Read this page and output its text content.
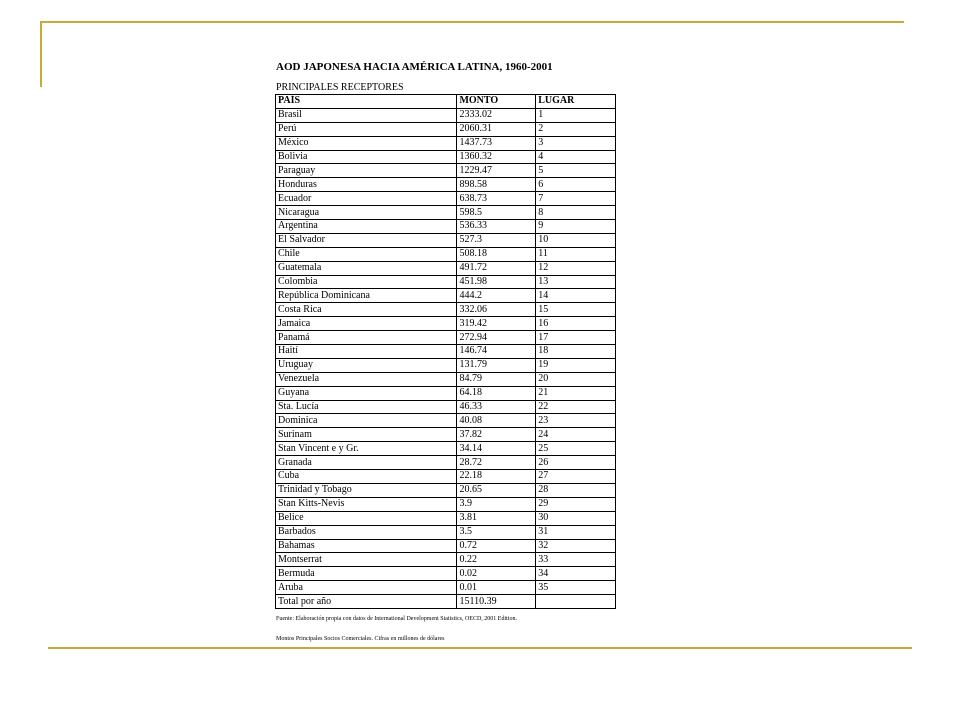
AOD JAPONESA HACIA AMÉRICA LATINA, 1960-2001
PRINCIPALES RECEPTORES
PAÍS	MONTO	LUGAR
Brasil	2333.02	1
Perú	2060.31	2
México	1437.73	3
Bolivia	1360.32	4
Paraguay	1229.47	5
Honduras	898.58	6
Ecuador	638.73	7
Nicaragua	598.5	8
Argentina	536.33	9
El Salvador	527.3	10
Chile	508.18	11
Guatemala	491.72	12
Colombia	451.98	13
República Dominicana	444.2	14
Costa Rica	332.06	15
Jamaica	319.42	16
Panamá	272.94	17
Haití	146.74	18
Uruguay	131.79	19
Venezuela	84.79	20
Guyana	64.18	21
Sta. Lucía	46.33	22
Dominica	40.08	23
Surinam	37.82	24
Stan Vincent e y Gr.	34.14	25
Granada	28.72	26
Cuba	22.18	27
Trinidad y Tobago	20.65	28
Stan Kitts-Nevis	3.9	29
Belice	3.81	30
Barbados	3.5	31
Bahamas	0.72	32
Montserrat	0.22	33
Bermuda	0.02	34
Aruba	0.01	35
Total por año	15110.39	
Fuente: Elaboración propia con datos de International Development Statistics, OECD, 2001 Edition.
Montos Principales Socios Comerciales. Cifras en millones de dólares
